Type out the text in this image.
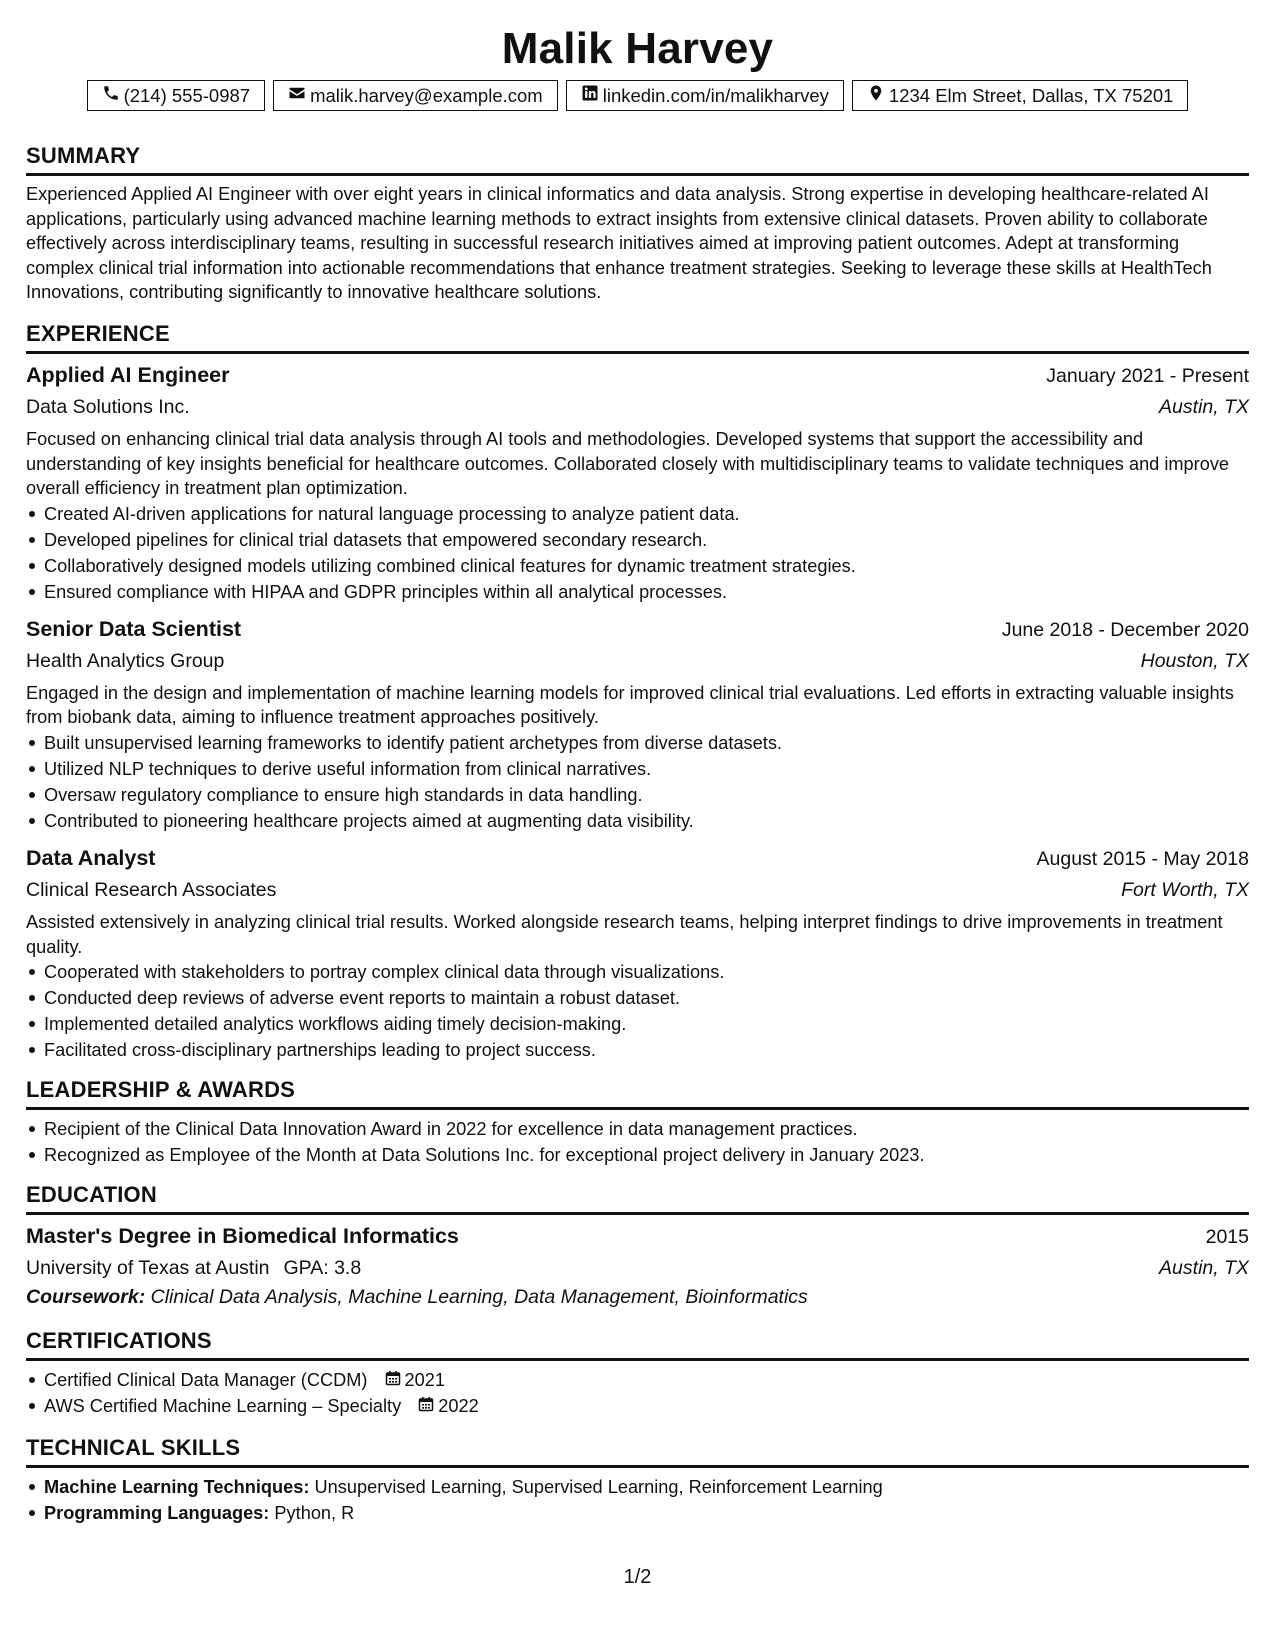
Malik Harvey
(214) 555-0987	malik.harvey@example.com	linkedin.com/in/malikharvey	1234 Elm Street, Dallas, TX 75201
SUMMARY
Experienced Applied AI Engineer with over eight years in clinical informatics and data analysis. Strong expertise in developing healthcare-related AI applications, particularly using advanced machine learning methods to extract insights from extensive clinical datasets. Proven ability to collaborate effectively across interdisciplinary teams, resulting in successful research initiatives aimed at improving patient outcomes. Adept at transforming complex clinical trial information into actionable recommendations that enhance treatment strategies. Seeking to leverage these skills at HealthTech Innovations, contributing significantly to innovative healthcare solutions.
EXPERIENCE
Applied AI Engineer	January 2021 - Present
Data Solutions Inc.	Austin, TX
Focused on enhancing clinical trial data analysis through AI tools and methodologies. Developed systems that support the accessibility and understanding of key insights beneficial for healthcare outcomes. Collaborated closely with multidisciplinary teams to validate techniques and improve overall efficiency in treatment plan optimization.
Created AI-driven applications for natural language processing to analyze patient data.
Developed pipelines for clinical trial datasets that empowered secondary research.
Collaboratively designed models utilizing combined clinical features for dynamic treatment strategies.
Ensured compliance with HIPAA and GDPR principles within all analytical processes.
Senior Data Scientist	June 2018 - December 2020
Health Analytics Group	Houston, TX
Engaged in the design and implementation of machine learning models for improved clinical trial evaluations. Led efforts in extracting valuable insights from biobank data, aiming to influence treatment approaches positively.
Built unsupervised learning frameworks to identify patient archetypes from diverse datasets.
Utilized NLP techniques to derive useful information from clinical narratives.
Oversaw regulatory compliance to ensure high standards in data handling.
Contributed to pioneering healthcare projects aimed at augmenting data visibility.
Data Analyst	August 2015 - May 2018
Clinical Research Associates	Fort Worth, TX
Assisted extensively in analyzing clinical trial results. Worked alongside research teams, helping interpret findings to drive improvements in treatment quality.
Cooperated with stakeholders to portray complex clinical data through visualizations.
Conducted deep reviews of adverse event reports to maintain a robust dataset.
Implemented detailed analytics workflows aiding timely decision-making.
Facilitated cross-disciplinary partnerships leading to project success.
LEADERSHIP & AWARDS
Recipient of the Clinical Data Innovation Award in 2022 for excellence in data management practices.
Recognized as Employee of the Month at Data Solutions Inc. for exceptional project delivery in January 2023.
EDUCATION
Master's Degree in Biomedical Informatics	2015
University of Texas at Austin GPA: 3.8	Austin, TX
Coursework: Clinical Data Analysis, Machine Learning, Data Management, Bioinformatics
CERTIFICATIONS
Certified Clinical Data Manager (CCDM) 2021
AWS Certified Machine Learning – Specialty 2022
TECHNICAL SKILLS
Machine Learning Techniques: Unsupervised Learning, Supervised Learning, Reinforcement Learning
Programming Languages: Python, R
1/2
